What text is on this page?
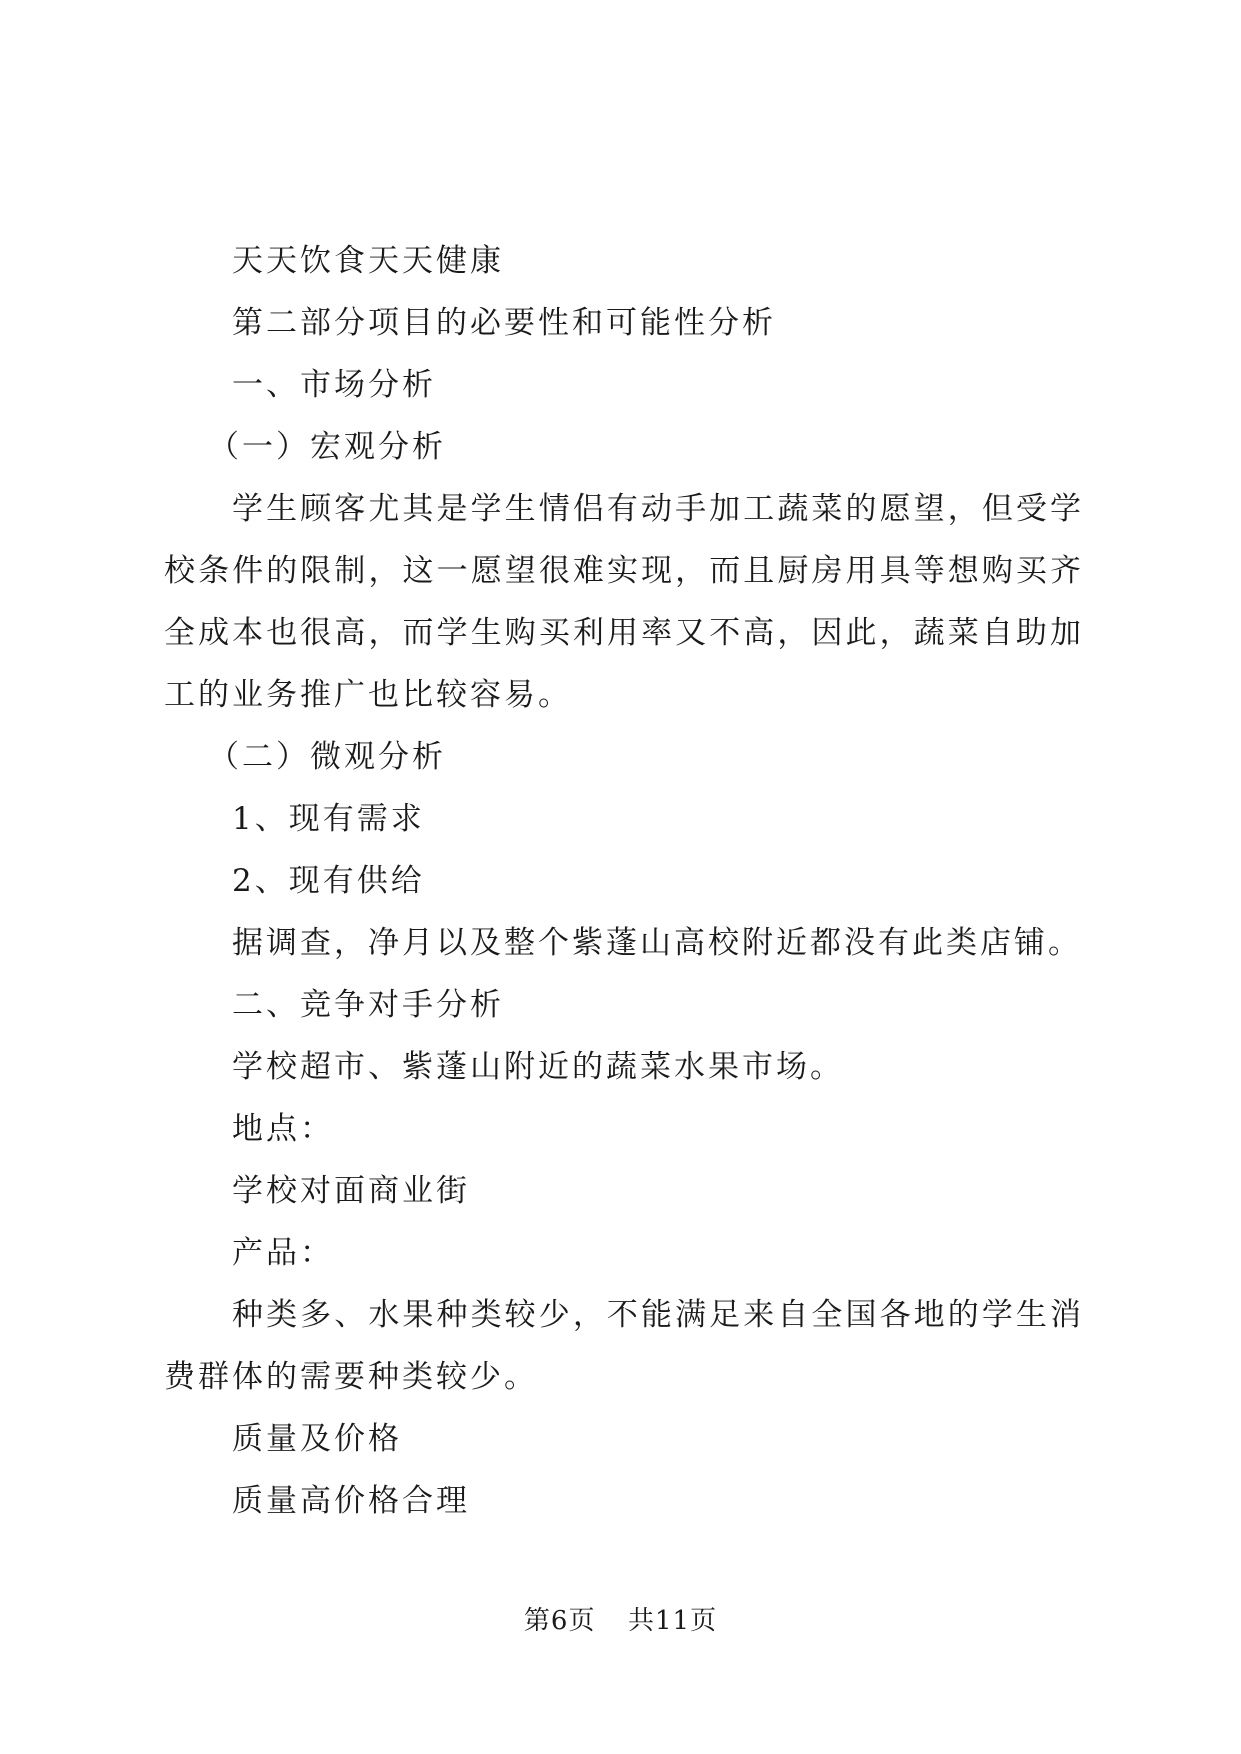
天天饮食天天健康

第二部分项目的必要性和可能性分析

一、市场分析

（一）宏观分析

学生顾客尤其是学生情侣有动手加工蔬菜的愿望，但受学校条件的限制，这一愿望很难实现，而且厨房用具等想购买齐全成本也很高，而学生购买利用率又不高，因此，蔬菜自助加工的业务推广也比较容易。

（二）微观分析

1、现有需求

2、现有供给

据调查，净月以及整个紫蓬山高校附近都没有此类店铺。

二、竞争对手分析

学校超市、紫蓬山附近的蔬菜水果市场。

地点：

学校对面商业街

产品：

种类多、水果种类较少，不能满足来自全国各地的学生消费群体的需要种类较少。

质量及价格

质量高价格合理

第6页 共11页
